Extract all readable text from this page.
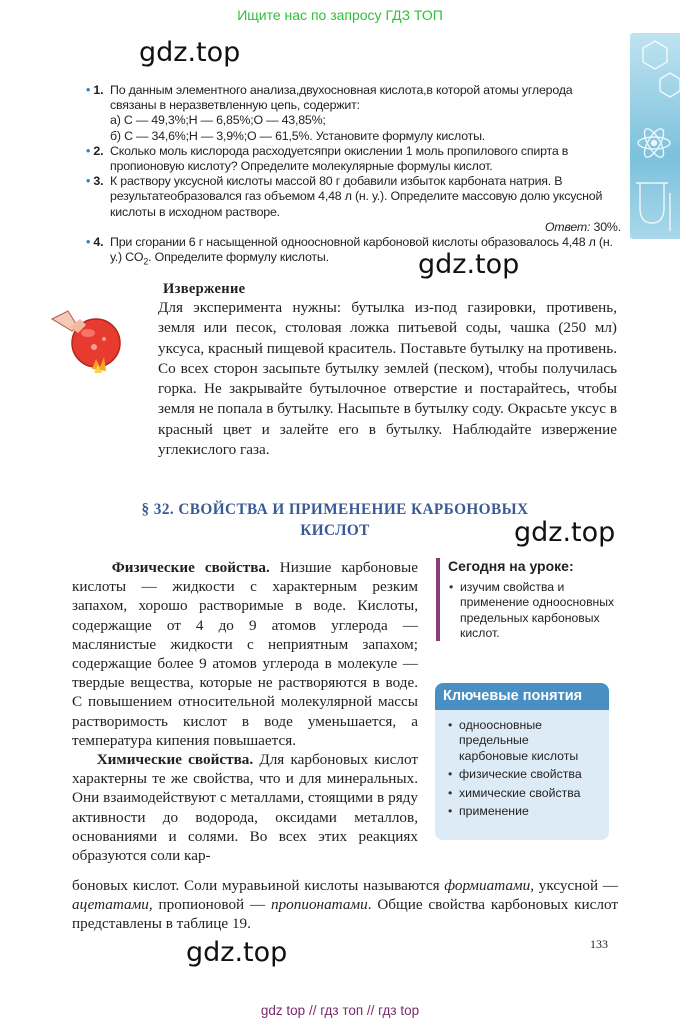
Ищите нас по запросу ГДЗ ТОП
gdz.top
gdz.top
gdz.top
gdz.top
• 1. По данным элементного анализа,двухосновная кислота,в которой атомы углерода связаны в неразветвленную цепь, содержит:
а) С — 49,3%;Н — 6,85%;О — 43,85%;
б) С — 34,6%;Н — 3,9%;О — 61,5%. Установите формулу кислоты.
• 2. Сколько моль кислорода расходуетсяпри окислении 1 моль пропилового спирта в пропионовую кислоту? Определите молекулярные формулы кислот.
• 3. К раствору уксусной кислоты массой 80 г добавили избыток карбоната натрия. В результатеобразовался газ объемом 4,48 л (н. у.). Определите массовую долю уксусной кислоты в исходном растворе.
Ответ: 30%.
• 4. При сгорании 6 г насыщенной одноосновной карбоновой кислоты образовалось 4,48 л (н. у.) $CO_2$. Определите формулу кислоты.
Извержение
Для эксперимента нужны: бутылка из-под газировки, противень, земля или песок, столовая ложка питьевой соды, чашка (250 мл) уксуса, красный пищевой краситель. Поставьте бутылку на противень. Со всех сторон засыпьте бутылку землей (песком), чтобы получилась горка. Не закрывайте бутылочное отверстие и постарайтесь, чтобы земля не попала в бутылку. Насыпьте в бутылку соду. Окрасьте уксус в красный цвет и залейте его в бутылку. Наблюдайте извержение углекислого газа.
§ 32. СВОЙСТВА И ПРИМЕНЕНИЕ КАРБОНОВЫХ
КИСЛОТ

Физические свойства. Низшие карбоновые кислоты — жидкости с характерным резким запахом, хорошо растворимые в воде. Кислоты, содержащие от 4 до 9 атомов углерода — маслянистые жидкости с неприятным запахом; содержащие более 9 атомов углерода в молекуле — твердые вещества, которые не растворяются в воде. С повышением относительной молекулярной массы растворимость кислот в воде уменьшается, а температура кипения повышается.

Химические свойства. Для карбоновых кислот характерны те же свойства, что и для минеральных. Они взаимодействуют с металлами, стоящими в ряду активности до водорода, оксидами металлов, основаниями и солями. Во всех этих реакциях образуются соли кар-

боновых кислот. Соли муравьиной кислоты называются формиатами, уксусной — ацетатами, пропионовой — пропионатами. Общие свойства карбоновых кислот представлены в таблице 19.
Сегодня на уроке:
• изучим свойства и применение одноосновных предельных карбоновых кислот.
Ключевые понятия
• одноосновные предельные карбоновые кислоты
• физические свойства
• химические свойства
• применение
133
gdz top // гдз топ // гдз top
